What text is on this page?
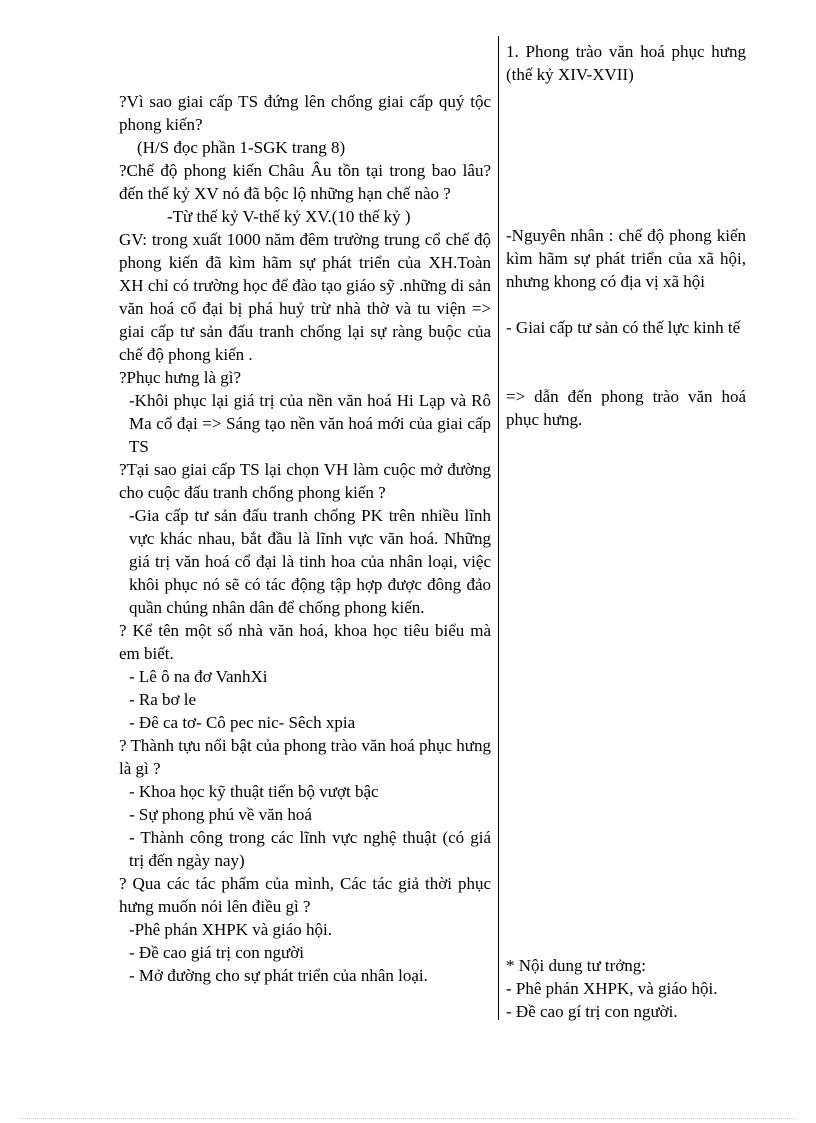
?Vì sao giai cấp TS đứng lên chống giai cấp quý tộc phong kiến?
(H/S đọc phần 1-SGK trang 8)
?Chế độ phong kiến Châu Âu tồn tại trong bao lâu?đến thế kỷ XV nó đã bộc lộ những hạn chế nào ?
-Từ thế kỷ V-thế kỷ XV.(10 thế kỷ )
GV: trong xuất 1000 năm đêm trường trung cổ chế độ phong kiến đã kìm hãm sự phát triển của XH.Toàn XH chỉ có trường học để đào tạo giáo sỹ .những di sản văn hoá cổ đại bị phá huỷ trừ nhà thờ và tu viện => giai cấp tư sản đấu tranh chống lại sự ràng buộc của chế độ phong kiến .
?Phục hưng là gì?
-Khôi phục lại giá trị của nền văn hoá Hi Lạp và Rô Ma cổ đại => Sáng tạo nền văn hoá mới của giai cấp TS
?Tại sao giai cấp TS lại chọn VH làm cuộc mở đường cho cuộc đấu tranh chống phong kiến ?
-Gia cấp tư sản đấu tranh chống PK trên nhiều lĩnh vực khác nhau, bắt đầu là lĩnh vực văn hoá. Những giá trị văn hoá cổ đại là tinh hoa của nhân loại, việc khôi phục nó sẽ có tác động tập hợp được đông đảo quần chúng nhân dân để chống phong kiến.
? Kể tên một số nhà văn hoá, khoa học tiêu biểu mà em biết.
- Lê ô na đơ VanhXi
- Ra bơ le
- Đê ca tơ- Cô pec nic- Sêch xpia
? Thành tựu nổi bật của phong trào văn hoá phục hưng là gì ?
- Khoa học kỹ thuật tiến bộ vượt bậc
- Sự phong phú về văn hoá
- Thành công trong các lĩnh vực nghệ thuật (có giá trị đến ngày nay)
? Qua các tác phẩm của mình, Các tác giả thời phục hưng muốn nói lên điều gì ?
-Phê phán XHPK và giáo hội.
- Đề cao giá trị con người
- Mở đường cho sự phát triển của nhân loại.
1. Phong trào văn hoá phục hưng (thế kỷ XIV-XVII)
-Nguyên nhân : chế độ phong kiến kìm hãm sự phát triển của xã hội, nhưng khong có địa vị xã hội
- Giai cấp tư sản có thế lực kinh tế
=> dẫn đến phong trào văn hoá phục hưng.
* Nội dung tư trởng:
- Phê phán XHPK, và giáo hội.
- Đề cao gí trị con người.
